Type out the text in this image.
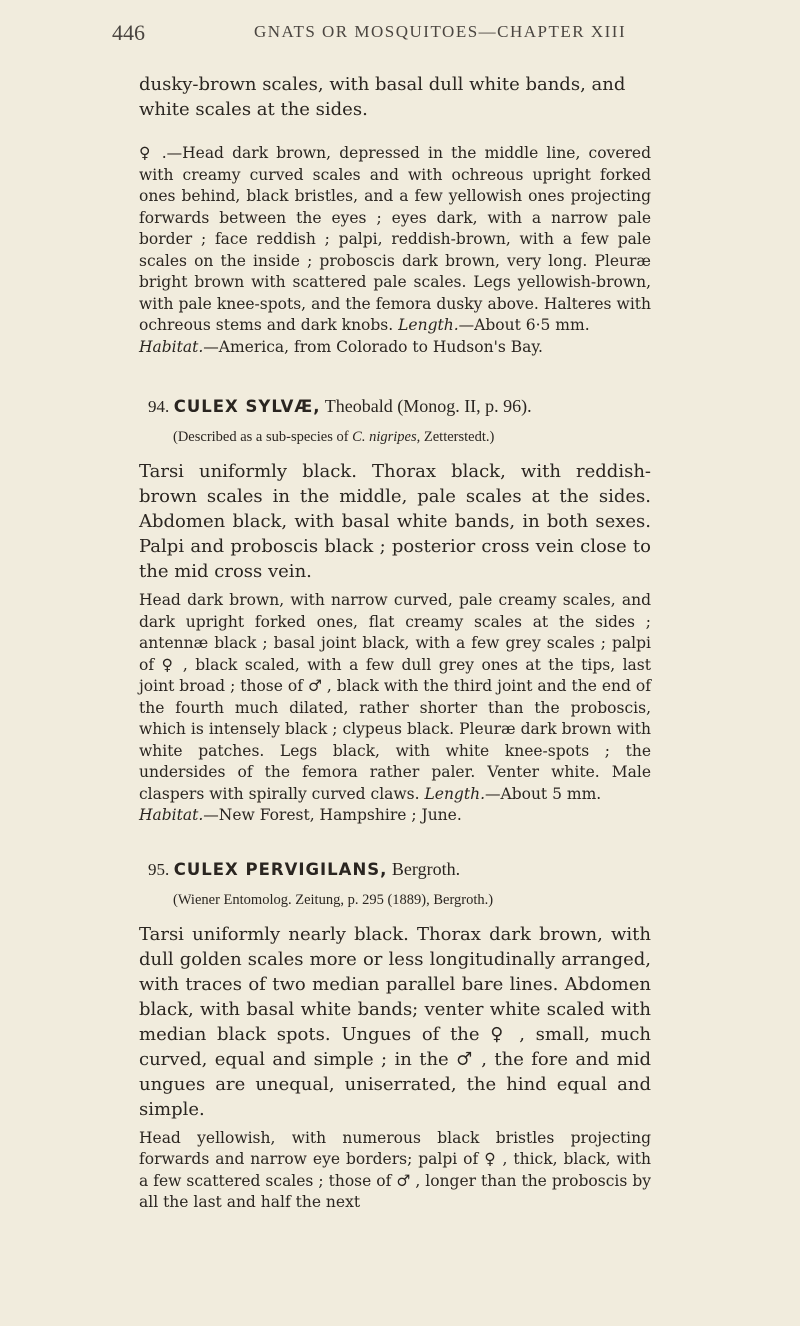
446	GNATS OR MOSQUITOES—CHAPTER XIII

dusky-brown scales, with basal dull white bands, and white scales at the sides.

♀ .—Head dark brown, depressed in the middle line, covered with creamy curved scales and with ochreous upright forked ones behind, black bristles, and a few yellowish ones projecting forwards between the eyes ; eyes dark, with a narrow pale border ; face reddish ; palpi, reddish-brown, with a few pale scales on the inside ; proboscis dark brown, very long. Pleuræ bright brown with scattered pale scales. Legs yellowish-brown, with pale knee-spots, and the femora dusky above. Halteres with ochreous stems and dark knobs. Length.—About 6·5 mm.
Habitat.—America, from Colorado to Hudson's Bay.

94. CULEX SYLVÆ, Theobald (Monog. II, p. 96).

(Described as a sub-species of C. nigripes, Zetterstedt.)

Tarsi uniformly black. Thorax black, with reddish-brown scales in the middle, pale scales at the sides. Abdomen black, with basal white bands, in both sexes. Palpi and proboscis black ; posterior cross vein close to the mid cross vein.

Head dark brown, with narrow curved, pale creamy scales, and dark upright forked ones, flat creamy scales at the sides ; antennæ black ; basal joint black, with a few grey scales ; palpi of ♀ , black scaled, with a few dull grey ones at the tips, last joint broad ; those of ♂ , black with the third joint and the end of the fourth much dilated, rather shorter than the proboscis, which is intensely black ; clypeus black. Pleuræ dark brown with white patches. Legs black, with white knee-spots ; the undersides of the femora rather paler. Venter white. Male claspers with spirally curved claws. Length.—About 5 mm.
Habitat.—New Forest, Hampshire ; June.

95. CULEX PERVIGILANS, Bergroth.

(Wiener Entomolog. Zeitung, p. 295 (1889), Bergroth.)

Tarsi uniformly nearly black. Thorax dark brown, with dull golden scales more or less longitudinally arranged, with traces of two median parallel bare lines. Abdomen black, with basal white bands; venter white scaled with median black spots. Ungues of the ♀ , small, much curved, equal and simple ; in the ♂ , the fore and mid ungues are unequal, uniserrated, the hind equal and simple.

Head yellowish, with numerous black bristles projecting forwards and narrow eye borders; palpi of ♀ , thick, black, with a few scattered scales ; those of ♂ , longer than the proboscis by all the last and half the next
